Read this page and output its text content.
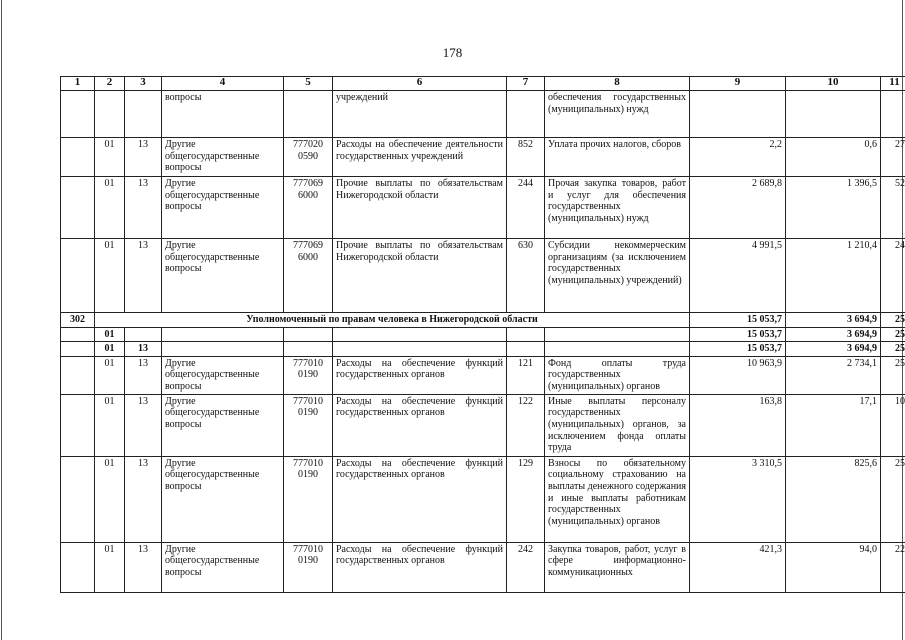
178
1	2	3	4	5	6	7	8	9	10	11
			вопросы		учреждений		обеспечения государственных (муниципальных) нужд			
	01	13	Другие общегосударственные вопросы	777020 0590	Расходы на обеспечение деятельности государственных учреждений	852	Уплата прочих налогов, сборов	2,2	0,6	27
	01	13	Другие общегосударственные вопросы	777069 6000	Прочие выплаты по обязательствам Нижегородской области	244	Прочая закупка товаров, работ и услуг для обеспечения государственных (муниципальных) нужд	2 689,8	1 396,5	52
	01	13	Другие общегосударственные вопросы	777069 6000	Прочие выплаты по обязательствам Нижегородской области	630	Субсидии некоммерческим организациям (за исключением государственных (муниципальных) учреждений)	4 991,5	1 210,4	24
302	Уполномоченный по правам человека в Нижегородской области							15 053,7	3 694,9	25
	01							15 053,7	3 694,9	25
	01	13						15 053,7	3 694,9	25
	01	13	Другие общегосударственные вопросы	777010 0190	Расходы на обеспечение функций государственных органов	121	Фонд оплаты труда государственных (муниципальных) органов	10 963,9	2 734,1	25
	01	13	Другие общегосударственные вопросы	777010 0190	Расходы на обеспечение функций государственных органов	122	Иные выплаты персоналу государственных (муниципальных) органов, за исключением фонда оплаты труда	163,8	17,1	10
	01	13	Другие общегосударственные вопросы	777010 0190	Расходы на обеспечение функций государственных органов	129	Взносы по обязательному социальному страхованию на выплаты денежного содержания и иные выплаты работникам государственных (муниципальных) органов	3 310,5	825,6	25
	01	13	Другие общегосударственные вопросы	777010 0190	Расходы на обеспечение функций государственных органов	242	Закупка товаров, работ, услуг в сфере информационно-коммуникационных	421,3	94,0	22
